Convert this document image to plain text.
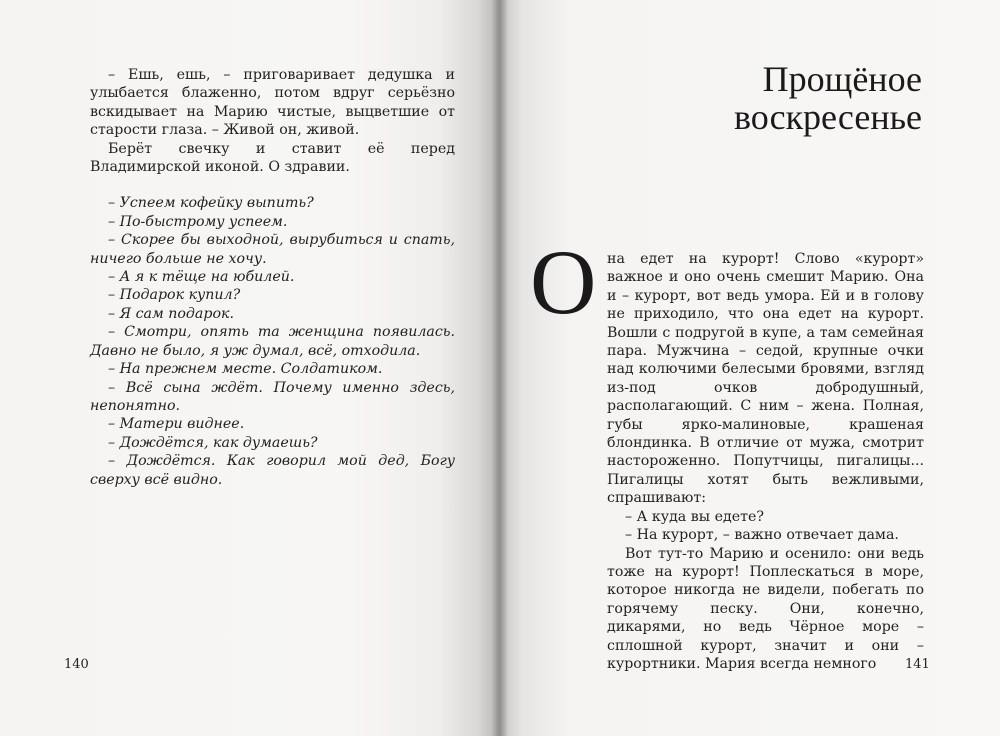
– Ешь, ешь, – приговаривает дедушка и улыбается блаженно, потом вдруг серьёзно вскидывает на Марию чистые, выцветшие от старости глаза. – Живой он, живой.

Берёт свечку и ставит её перед Владимирской иконой. О здравии.

– Успеем кофейку выпить?

– По-быстрому успеем.

– Скорее бы выходной, вырубиться и спать, ничего больше не хочу.

– А я к тёще на юбилей.

– Подарок купил?

– Я сам подарок.

– Смотри, опять та женщина появилась. Давно не было, я уж думал, всё, отходила.

– На прежнем месте. Солдатиком.

– Всё сына ждёт. Почему именно здесь, непонятно.

– Матери виднее.

– Дождётся, как думаешь?

– Дождётся. Как говорил мой дед, Богу сверху всё видно.

140
Прощёное
воскресенье
О на едет на курорт! Слово «курорт» важное и оно очень смешит Марию. Она и – курорт, вот ведь умора. Ей и в голову не приходило, что она едет на курорт. Вошли с подругой в купе, а там семейная пара. Мужчина – седой, крупные очки над колючими белесыми бровями, взгляд из-под очков добродушный, располагающий. С ним – жена. Полная, губы ярко-малиновые, крашеная блондинка. В отличие от мужа, смотрит настороженно. Попутчицы, пигалицы... Пигалицы хотят быть вежливыми, спрашивают:

– А куда вы едете?

– На курорт, – важно отвечает дама.

Вот тут-то Марию и осенило: они ведь тоже на курорт! Поплескаться в море, которое никогда не видели, побегать по горячему песку. Они, конечно, дикарями, но ведь Чёрное море – сплошной курорт, значит и они – курортники. Мария всегда немного	141
